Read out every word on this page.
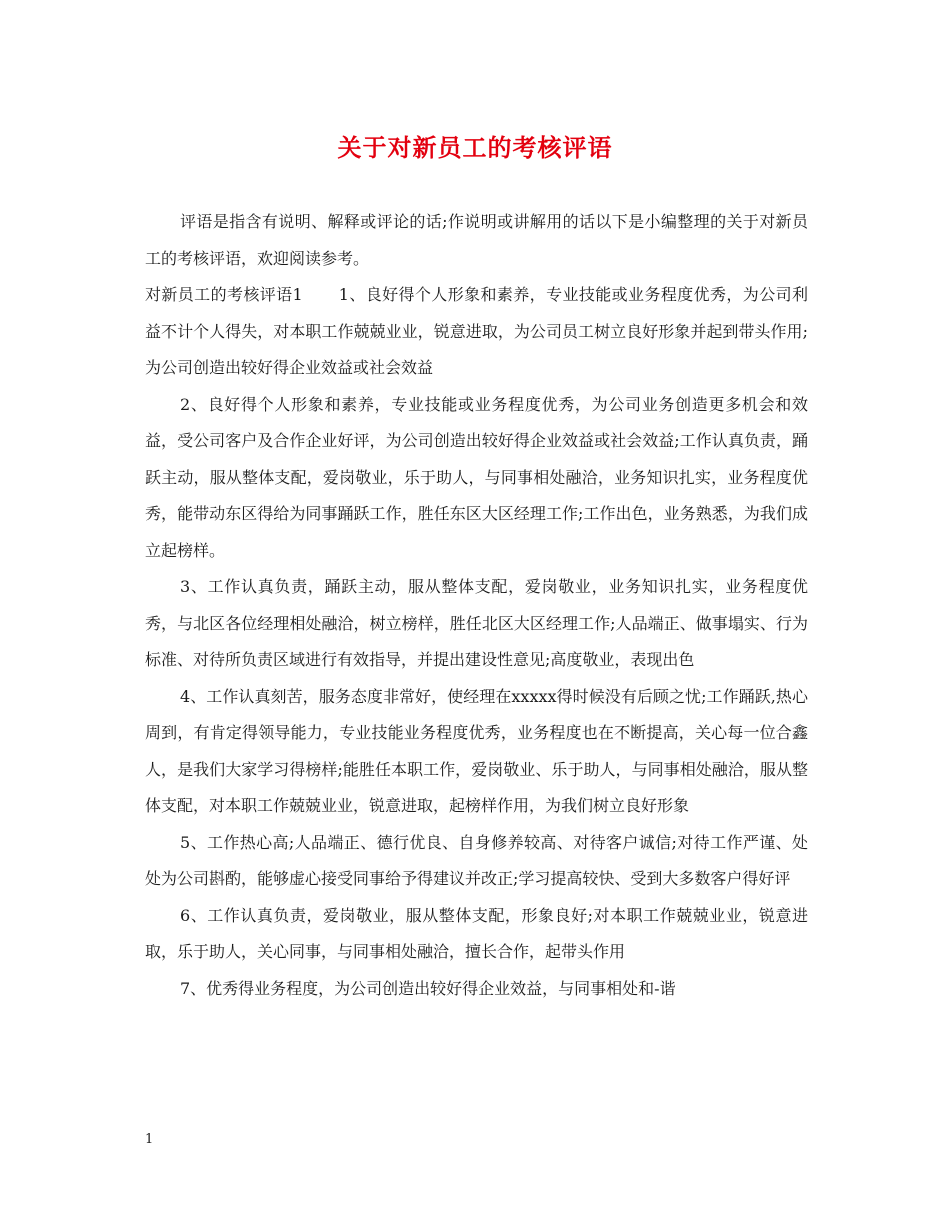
关于对新员工的考核评语

评语是指含有说明、解释或评论的话;作说明或讲解用的话以下是小编整理的关于对新员工的考核评语，欢迎阅读参考。

对新员工的考核评语1 1、良好得个人形象和素养，专业技能或业务程度优秀，为公司利益不计个人得失，对本职工作兢兢业业，锐意进取，为公司员工树立良好形象并起到带头作用;为公司创造出较好得企业效益或社会效益

2、良好得个人形象和素养，专业技能或业务程度优秀，为公司业务创造更多机会和效益，受公司客户及合作企业好评，为公司创造出较好得企业效益或社会效益;工作认真负责，踊跃主动，服从整体支配，爱岗敬业，乐于助人，与同事相处融洽，业务知识扎实，业务程度优秀，能带动东区得给为同事踊跃工作，胜任东区大区经理工作;工作出色，业务熟悉，为我们成立起榜样。

3、工作认真负责，踊跃主动，服从整体支配，爱岗敬业，业务知识扎实，业务程度优秀，与北区各位经理相处融洽，树立榜样，胜任北区大区经理工作;人品端正、做事塌实、行为标准、对待所负责区域进行有效指导，并提出建设性意见;高度敬业，表现出色

4、工作认真刻苦，服务态度非常好，使经理在xxxxx得时候没有后顾之忧;工作踊跃,热心周到，有肯定得领导能力，专业技能业务程度优秀，业务程度也在不断提高，关心每一位合鑫人，是我们大家学习得榜样;能胜任本职工作，爱岗敬业、乐于助人，与同事相处融洽，服从整体支配，对本职工作兢兢业业，锐意进取，起榜样作用，为我们树立良好形象

5、工作热心高;人品端正、德行优良、自身修养较高、对待客户诚信;对待工作严谨、处处为公司斟酌，能够虚心接受同事给予得建议并改正;学习提高较快、受到大多数客户得好评

6、工作认真负责，爱岗敬业，服从整体支配，形象良好;对本职工作兢兢业业，锐意进取，乐于助人，关心同事，与同事相处融洽，擅长合作，起带头作用

7、优秀得业务程度，为公司创造出较好得企业效益，与同事相处和-谐

1
